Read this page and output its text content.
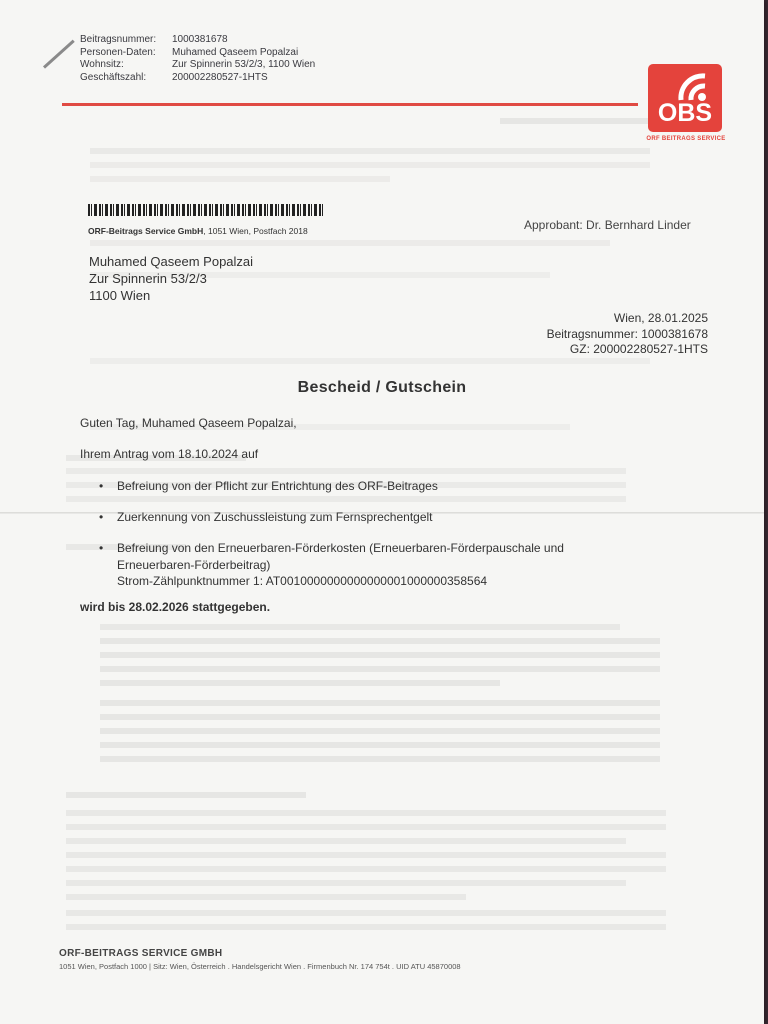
Beitragsnummer:	1000381678
Personen-Daten:	Muhamed Qaseem Popalzai
Wohnsitz:	Zur Spinnerin 53/2/3, 1100 Wien
Geschäftszahl:	200002280527-1HTS
OBS
ORF BEITRAGS SERVICE
ORF-Beitrags Service GmbH, 1051 Wien, Postfach 2018	Approbant: Dr. Bernhard Linder
Muhamed Qaseem Popalzai
Zur Spinnerin 53/2/3
1100 Wien
Wien, 28.01.2025
Beitragsnummer: 1000381678
GZ: 200002280527-1HTS
Bescheid / Gutschein
Guten Tag, Muhamed Qaseem Popalzai,
Ihrem Antrag vom 18.10.2024 auf
• Befreiung von der Pflicht zur Entrichtung des ORF-Beitrages
• Zuerkennung von Zuschussleistung zum Fernsprechentgelt
• Befreiung von den Erneuerbaren-Förderkosten (Erneuerbaren-Förderpauschale und
Erneuerbaren-Förderbeitrag)
Strom-Zählpunktnummer 1: AT0010000000000000001000000358564
wird bis 28.02.2026 stattgegeben.
ORF-BEITRAGS SERVICE GMBH
1051 Wien, Postfach 1000 | Sitz: Wien, Österreich . Handelsgericht Wien . Firmenbuch Nr. 174 754t . UID ATU 45870008
